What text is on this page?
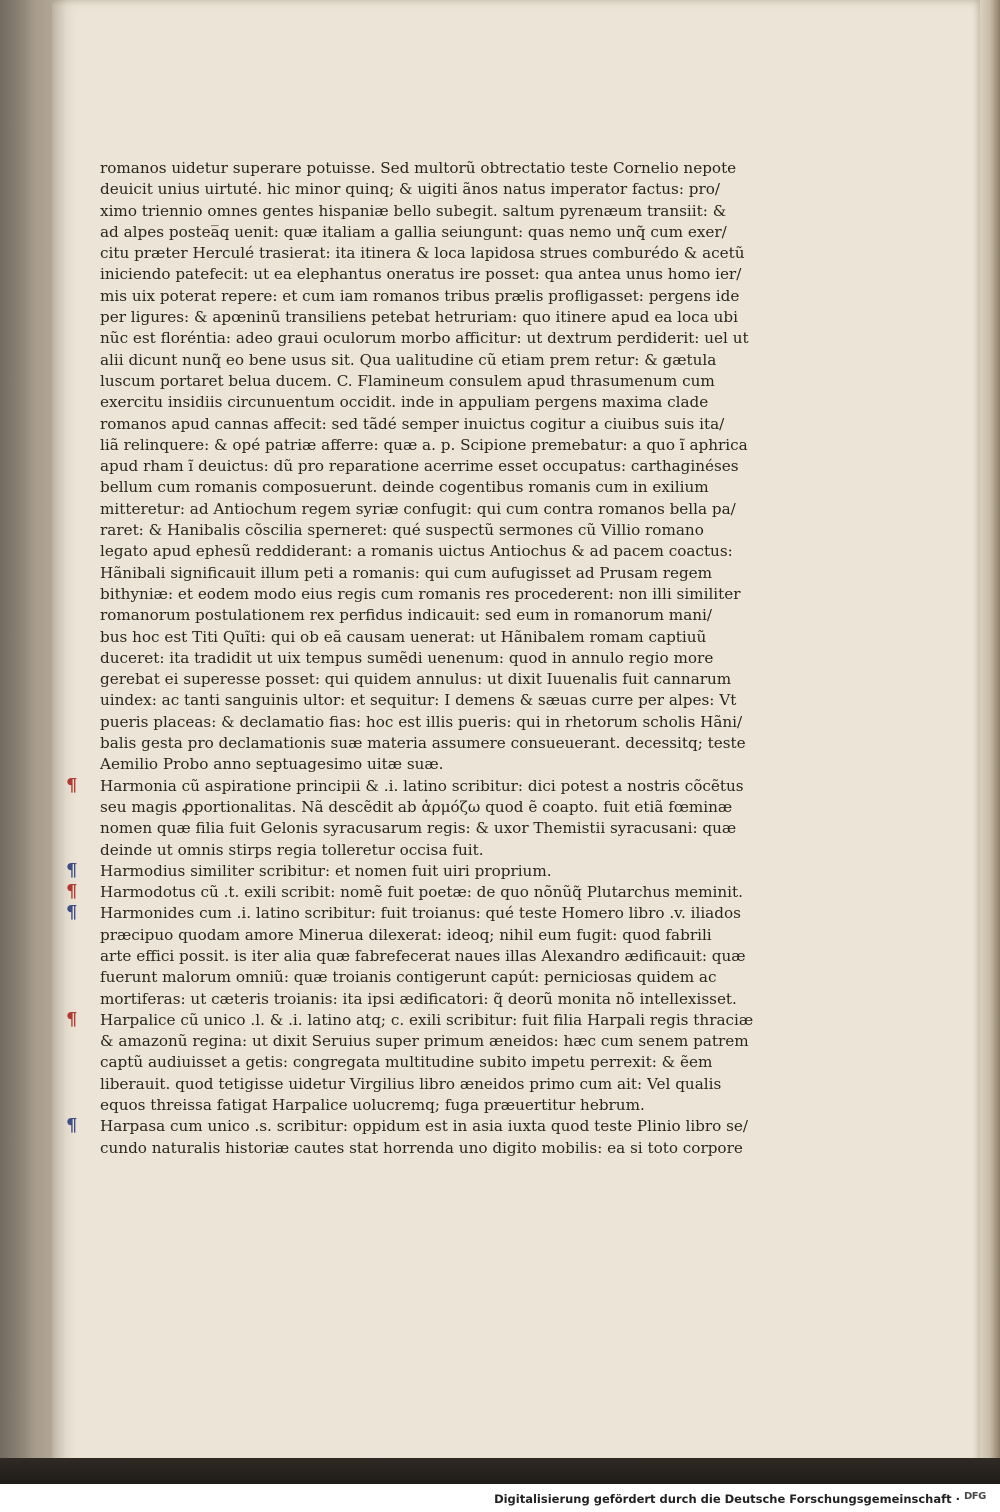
romanos uidetur superare potuisse. Sed multorũ obtrectatio teste Cornelio nepote
deuicit unius uirtuté. hic minor quinq; & uigiti ãnos natus imperator factus: pro/
ximo triennio omnes gentes hispaniæ bello subegit. saltum pyrenæum transiit: &
ad alpes postea̅q uenit: quæ italiam a gallia seiungunt: quas nemo unq̃ cum exer/
citu præter Herculé trasierat: ita itinera & loca lapidosa strues comburédo & acetũ
iniciendo patefecit: ut ea elephantus oneratus ire posset: qua antea unus homo ier/
mis uix poterat repere: et cum iam romanos tribus prælis profligasset: pergens ide
per ligures: & apœninũ transiliens petebat hetruriam: quo itinere apud ea loca ubi
nũc est floréntia: adeo graui oculorum morbo afficitur: ut dextrum perdiderit: uel ut
alii dicunt nunq̃ eo bene usus sit. Qua ualitudine cũ etiam prem retur: & gætula
luscum portaret belua ducem. C. Flamineum consulem apud thrasumenum cum
exercitu insidiis circunuentum occidit. inde in appuliam pergens maxima clade
romanos apud cannas affecit: sed tãdé semper inuictus cogitur a ciuibus suis ita/
liã relinquere: & opé patriæ afferre: quæ a. p. Scipione premebatur: a quo ĩ aphrica
apud rham ĩ deuictus: dũ pro reparatione acerrime esset occupatus: carthaginéses
bellum cum romanis composuerunt. deinde cogentibus romanis cum in exilium
mitteretur: ad Antiochum regem syriæ confugit: qui cum contra romanos bella pa/
raret: & Hanibalis cõscilia sperneret: qué suspectũ sermones cũ Villio romano
legato apud ephesũ reddiderant: a romanis uictus Antiochus & ad pacem coactus:
Hãnibali significauit illum peti a romanis: qui cum aufugisset ad Prusam regem
bithyniæ: et eodem modo eius regis cum romanis res procederent: non illi similiter
romanorum postulationem rex perfidus indicauit: sed eum in romanorum mani/
bus hoc est Titi Quĩti: qui ob eã causam uenerat: ut Hãnibalem romam captiuũ
duceret: ita tradidit ut uix tempus sumẽdi uenenum: quod in annulo regio more
gerebat ei superesse posset: qui quidem annulus: ut dixit Iuuenalis fuit cannarum
uindex: ac tanti sanguinis ultor: et sequitur: I demens & sæuas curre per alpes: Vt
pueris placeas: & declamatio fias: hoc est illis pueris: qui in rhetorum scholis Hãni/
balis gesta pro declamationis suæ materia assumere consueuerant. decessitq; teste
Aemilio Probo anno septuagesimo uitæ suæ.
¶ Harmonia cũ aspiratione principii & .i. latino scribitur: dici potest a nostris cõcẽtus
seu magis ꝓportionalitas. Nã descẽdit ab ἁρμόζω quod ẽ coapto. fuit etiã fœminæ
nomen quæ filia fuit Gelonis syracusarum regis: & uxor Themistii syracusani: quæ
deinde ut omnis stirps regia tolleretur occisa fuit.
¶ Harmodius similiter scribitur: et nomen fuit uiri proprium.
¶ Harmodotus cũ .t. exili scribit: nomẽ fuit poetæ: de quo nõnũq̃ Plutarchus meminit.
¶ Harmonides cum .i. latino scribitur: fuit troianus: qué teste Homero libro .v. iliados
præcipuo quodam amore Minerua dilexerat: ideoq; nihil eum fugit: quod fabrili
arte effici possit. is iter alia quæ fabrefecerat naues illas Alexandro ædificauit: quæ
fuerunt malorum omniũ: quæ troianis contigerunt capút: perniciosas quidem ac
mortiferas: ut cæteris troianis: ita ipsi ædificatori: q̃ deorũ monita nõ intellexisset.
¶ Harpalice cũ unico .l. & .i. latino atq; c. exili scribitur: fuit filia Harpali regis thraciæ
& amazonũ regina: ut dixit Seruius super primum æneidos: hæc cum senem patrem
captũ audiuisset a getis: congregata multitudine subito impetu perrexit: & ẽem
liberauit. quod tetigisse uidetur Virgilius libro æneidos primo cum ait: Vel qualis
equos threissa fatigat Harpalice uolucremq; fuga præuertitur hebrum.
¶ Harpasa cum unico .s. scribitur: oppidum est in asia iuxta quod teste Plinio libro se/
cundo naturalis historiæ cautes stat horrenda uno digito mobilis: ea si toto corpore
Digitalisierung gefördert durch die Deutsche Forschungsgemeinschaft · DFG
